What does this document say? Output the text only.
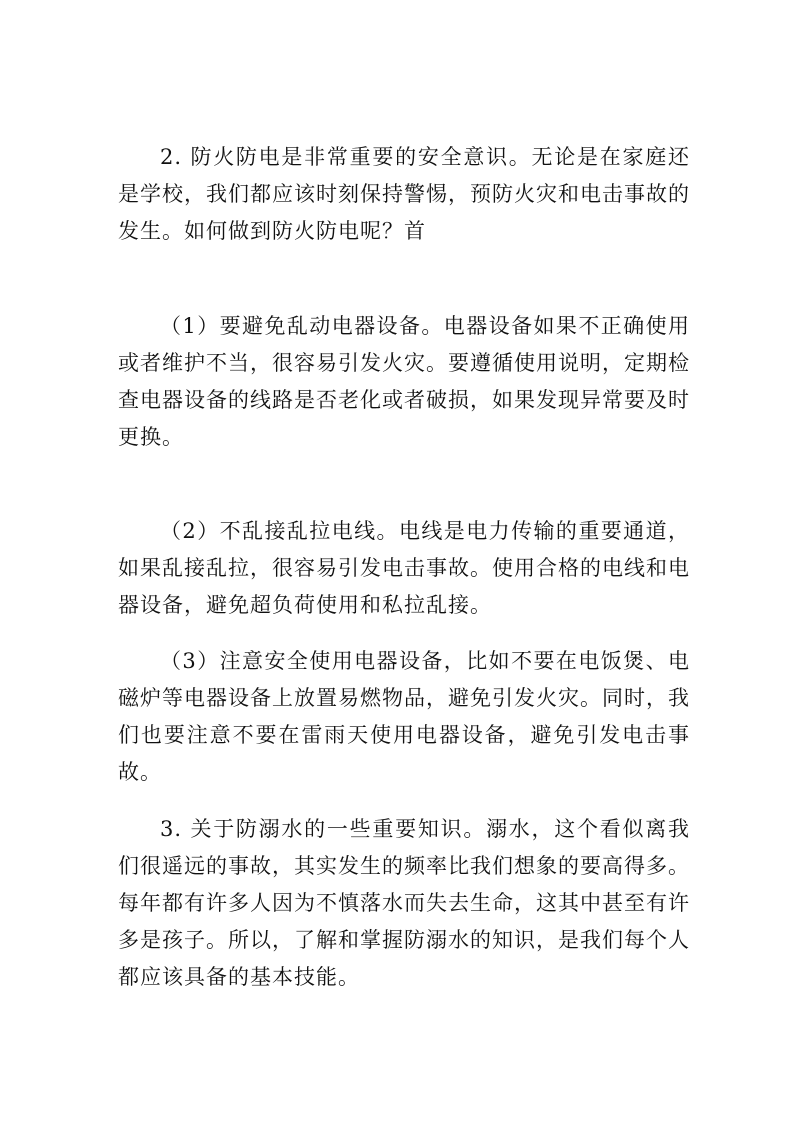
2. 防火防电是非常重要的安全意识。无论是在家庭还是学校，我们都应该时刻保持警惕，预防火灾和电击事故的发生。如何做到防火防电呢？首

（1）要避免乱动电器设备。电器设备如果不正确使用或者维护不当，很容易引发火灾。要遵循使用说明，定期检查电器设备的线路是否老化或者破损，如果发现异常要及时更换。

（2）不乱接乱拉电线。电线是电力传输的重要通道，如果乱接乱拉，很容易引发电击事故。使用合格的电线和电器设备，避免超负荷使用和私拉乱接。

（3）注意安全使用电器设备，比如不要在电饭煲、电磁炉等电器设备上放置易燃物品，避免引发火灾。同时，我们也要注意不要在雷雨天使用电器设备，避免引发电击事故。

3. 关于防溺水的一些重要知识。溺水，这个看似离我们很遥远的事故，其实发生的频率比我们想象的要高得多。每年都有许多人因为不慎落水而失去生命，这其中甚至有许多是孩子。所以，了解和掌握防溺水的知识，是我们每个人都应该具备的基本技能。
